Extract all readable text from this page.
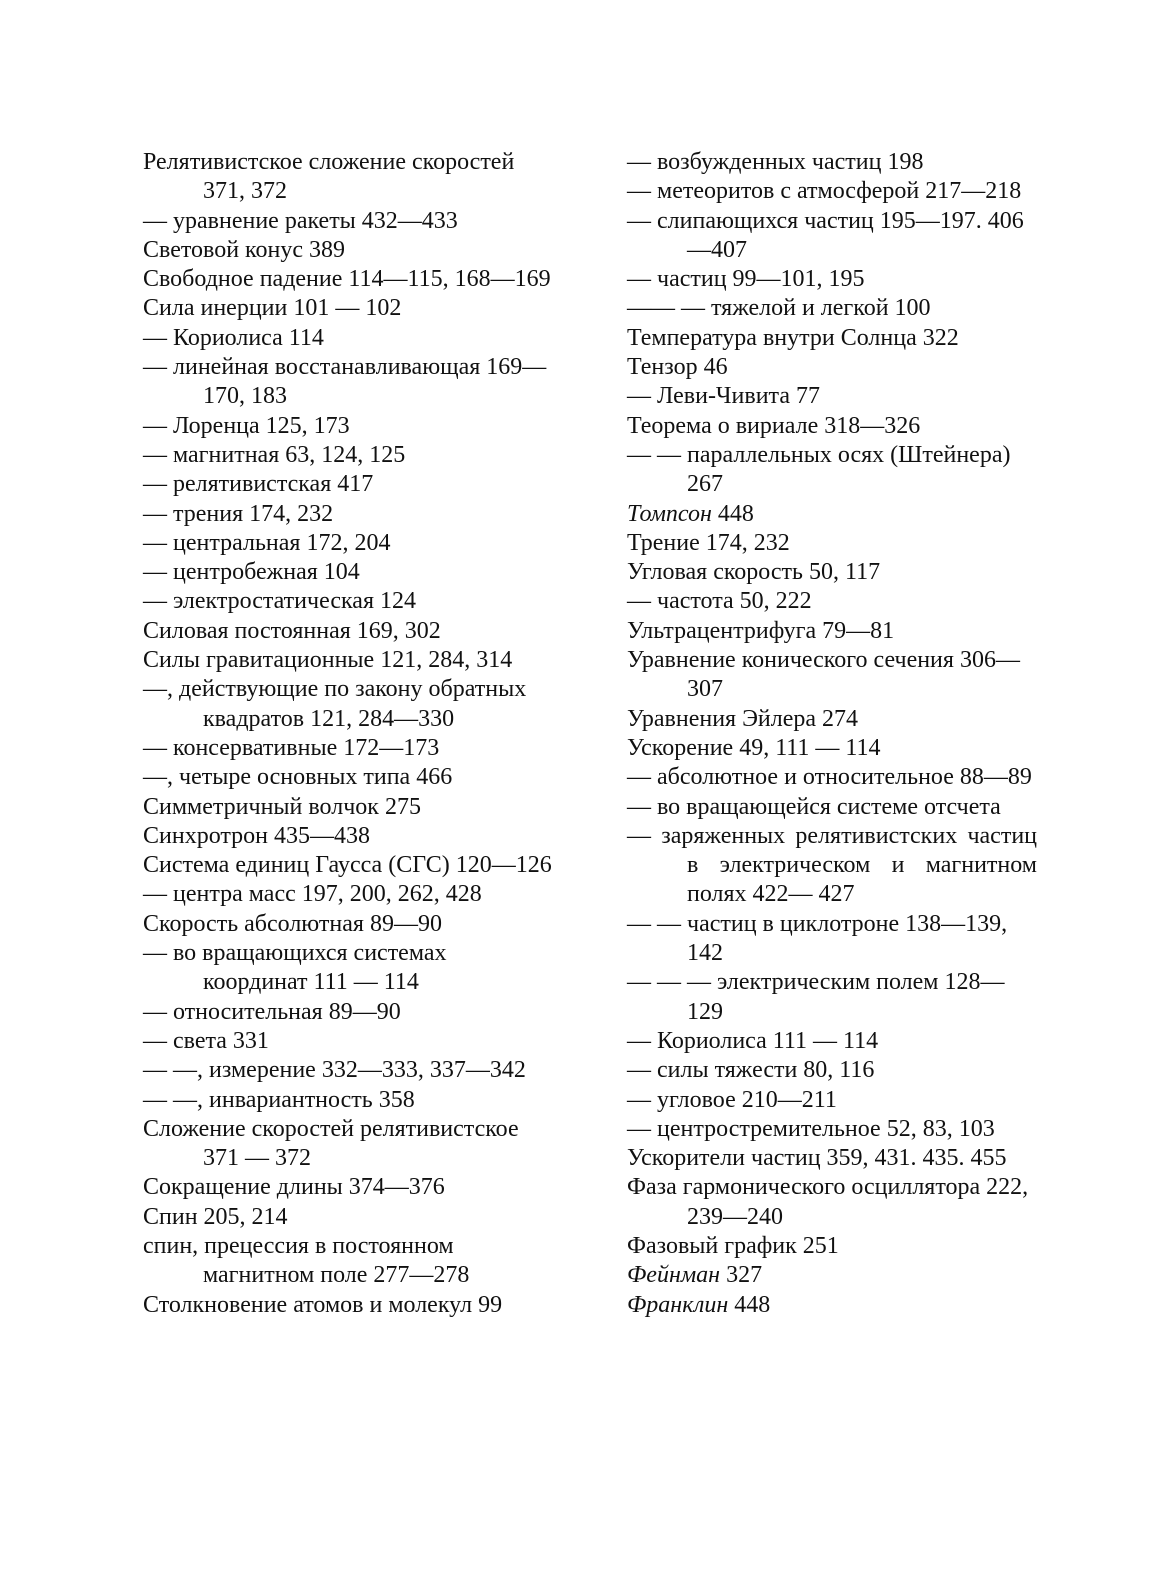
Релятивистское сложение скоростей 371, 372
— уравнение ракеты 432—433
Световой конус 389
Свободное падение 114—115, 168—169
Сила инерции 101 — 102
— Кориолиса 114
— линейная восстанавливающая 169—170, 183
— Лоренца 125, 173
— магнитная 63, 124, 125
— релятивистская 417
— трения 174, 232
— центральная 172, 204
— центробежная 104
— электростатическая 124
Силовая постоянная 169, 302
Силы гравитационные 121, 284, 314
—, действующие по закону обратных квадратов 121, 284—330
— консервативные 172—173
—, четыре основных типа 466
Симметричный волчок 275
Синхротрон 435—438
Система единиц Гаусса (СГС) 120—126
— центра масс 197, 200, 262, 428
Скорость абсолютная 89—90
— во вращающихся системах координат 111 — 114
— относительная 89—90
— света 331
— —, измерение 332—333, 337—342
— —, инвариантность 358
Сложение скоростей релятивистское 371 — 372
Сокращение длины 374—376
Спин 205, 214
спин, прецессия в постоянном магнитном поле 277—278
Столкновение атомов и молекул 99
— возбужденных частиц 198
— метеоритов с атмосферой 217—218
— слипающихся частиц 195—197. 406—407
— частиц 99—101, 195
—— — тяжелой и легкой 100
Температура внутри Солнца 322
Тензор 46
— Леви-Чивита 77
Теорема о вириале 318—326
— — параллельных осях (Штейнера) 267
Томпсон 448
Трение 174, 232
Угловая скорость 50, 117
— частота 50, 222
Ультрацентрифуга 79—81
Уравнение конического сечения 306—307
Уравнения Эйлера 274
Ускорение 49, 111 — 114
— абсолютное и относительное 88—89
— во вращающейся системе отсчета
— заряженных релятивистских частиц в электрическом и магнитном полях 422— 427
— — частиц в циклотроне 138—139, 142
— — — электрическим полем 128—129
— Кориолиса 111 — 114
— силы тяжести 80, 116
— угловое 210—211
— центростремительное 52, 83, 103
Ускорители частиц 359, 431. 435. 455
Фаза гармонического осциллятора 222, 239—240
Фазовый график 251
Фейнман 327
Франклин 448
